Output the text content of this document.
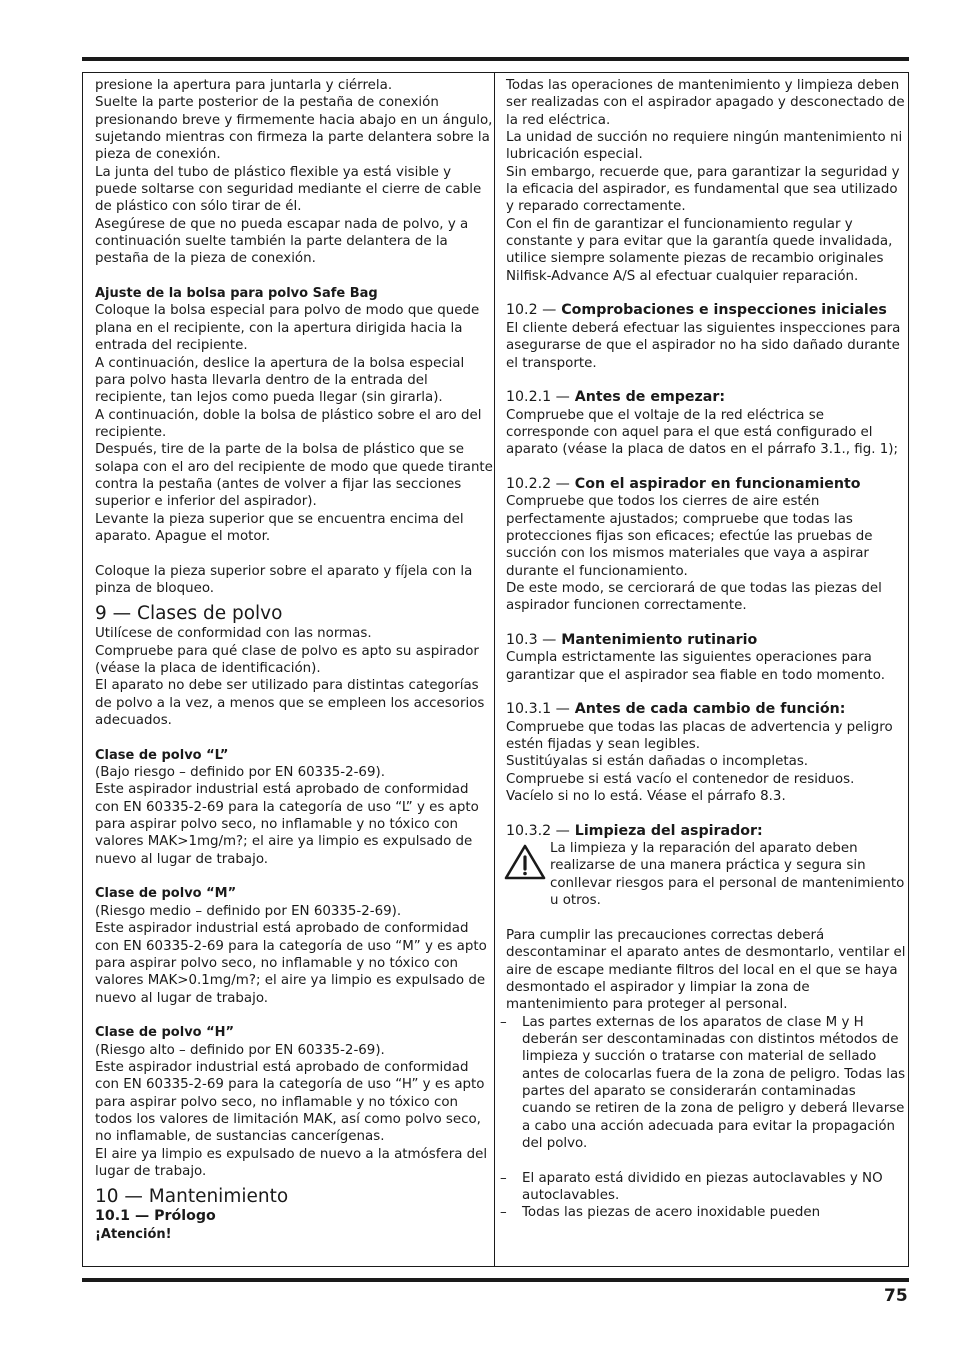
presione la apertura para juntarla y ciérrela.

Suelte la parte posterior de la pestaña de conexión presionando breve y firmemente hacia abajo en un ángulo, sujetando mientras con firmeza la parte delantera sobre la pieza de conexión.

La junta del tubo de plástico flexible ya está visible y puede soltarse con seguridad mediante el cierre de cable de plástico con sólo tirar de él.

Asegúrese de que no pueda escapar nada de polvo, y a continuación suelte también la parte delantera de la pestaña de la pieza de conexión.

Ajuste de la bolsa para polvo Safe Bag

Coloque la bolsa especial para polvo de modo que quede plana en el recipiente, con la apertura dirigida hacia la entrada del recipiente.

A continuación, deslice la apertura de la bolsa especial para polvo hasta llevarla dentro de la entrada del recipiente, tan lejos como pueda llegar (sin girarla).

A continuación, doble la bolsa de plástico sobre el aro del recipiente.

Después, tire de la parte de la bolsa de plástico que se solapa con el aro del recipiente de modo que quede tirante contra la pestaña (antes de volver a fijar las secciones superior e inferior del aspirador).

Levante la pieza superior que se encuentra encima del aparato. Apague el motor.

Coloque la pieza superior sobre el aparato y fíjela con la pinza de bloqueo.

9 — Clases de polvo

Utilícese de conformidad con las normas.

Compruebe para qué clase de polvo es apto su aspirador (véase la placa de identificación).

El aparato no debe ser utilizado para distintas categorías de polvo a la vez, a menos que se empleen los accesorios adecuados.

Clase de polvo “L”

(Bajo riesgo – definido por EN 60335-2-69).

Este aspirador industrial está aprobado de conformidad con EN 60335-2-69 para la categoría de uso “L” y es apto para aspirar polvo seco, no inflamable y no tóxico con valores MAK>1mg/m?; el aire ya limpio es expulsado de nuevo al lugar de trabajo.

Clase de polvo “M”

(Riesgo medio – definido por EN 60335-2-69).

Este aspirador industrial está aprobado de conformidad con EN 60335-2-69 para la categoría de uso “M” y es apto para aspirar polvo seco, no inflamable y no tóxico con valores MAK>0.1mg/m?; el aire ya limpio es expulsado de nuevo al lugar de trabajo.

Clase de polvo “H”

(Riesgo alto – definido por EN 60335-2-69).

Este aspirador industrial está aprobado de conformidad con EN 60335-2-69 para la categoría de uso “H” y es apto para aspirar polvo seco, no inflamable y no tóxico con todos los valores de limitación MAK, así como polvo seco, no inflamable, de sustancias cancerígenas.

El aire ya limpio es expulsado de nuevo a la atmósfera del lugar de trabajo.

10 — Mantenimiento

10.1 — Prólogo

¡Atención!

Todas las operaciones de mantenimiento y limpieza deben ser realizadas con el aspirador apagado y desconectado de la red eléctrica.

La unidad de succión no requiere ningún mantenimiento ni lubricación especial.

Sin embargo, recuerde que, para garantizar la seguridad y la eficacia del aspirador, es fundamental que sea utilizado y reparado correctamente.

Con el fin de garantizar el funcionamiento regular y constante y para evitar que la garantía quede invalidada, utilice siempre solamente piezas de recambio originales Nilfisk-Advance A/S al efectuar cualquier reparación.

10.2 — Comprobaciones e inspecciones iniciales

El cliente deberá efectuar las siguientes inspecciones para asegurarse de que el aspirador no ha sido dañado durante el transporte.

10.2.1 — Antes de empezar:

Compruebe que el voltaje de la red eléctrica se corresponde con aquel para el que está configurado el aparato (véase la placa de datos en el párrafo 3.1., fig. 1);

10.2.2 — Con el aspirador en funcionamiento

Compruebe que todos los cierres de aire estén perfectamente ajustados; compruebe que todas las protecciones fijas son eficaces; efectúe las pruebas de succión con los mismos materiales que vaya a aspirar durante el funcionamiento.

De este modo, se cerciorará de que todas las piezas del aspirador funcionen correctamente.

10.3 — Mantenimiento rutinario

Cumpla estrictamente las siguientes operaciones para garantizar que el aspirador sea fiable en todo momento.

10.3.1 — Antes de cada cambio de función:

Compruebe que todas las placas de advertencia y peligro estén fijadas y sean legibles.

Sustitúyalas si están dañadas o incompletas.

Compruebe si está vacío el contenedor de residuos. Vacíelo si no lo está. Véase el párrafo 8.3.

10.3.2 — Limpieza del aspirador:

La limpieza y la reparación del aparato deben realizarse de una manera práctica y segura sin conllevar riesgos para el personal de mantenimiento u otros.

Para cumplir las precauciones correctas deberá descontaminar el aparato antes de desmontarlo, ventilar el aire de escape mediante filtros del local en el que se haya desmontado el aspirador y limpiar la zona de mantenimiento para proteger al personal.

–	Las partes externas de los aparatos de clase M y H deberán ser descontaminadas con distintos métodos de limpieza y succión o tratarse con material de sellado antes de colocarlas fuera de la zona de peligro. Todas las partes del aparato se considerarán contaminadas cuando se retiren de la zona de peligro y deberá llevarse a cabo una acción adecuada para evitar la propagación del polvo.
–	El aparato está dividido en piezas autoclavables y NO autoclavables.
–	Todas las piezas de acero inoxidable pueden
75
